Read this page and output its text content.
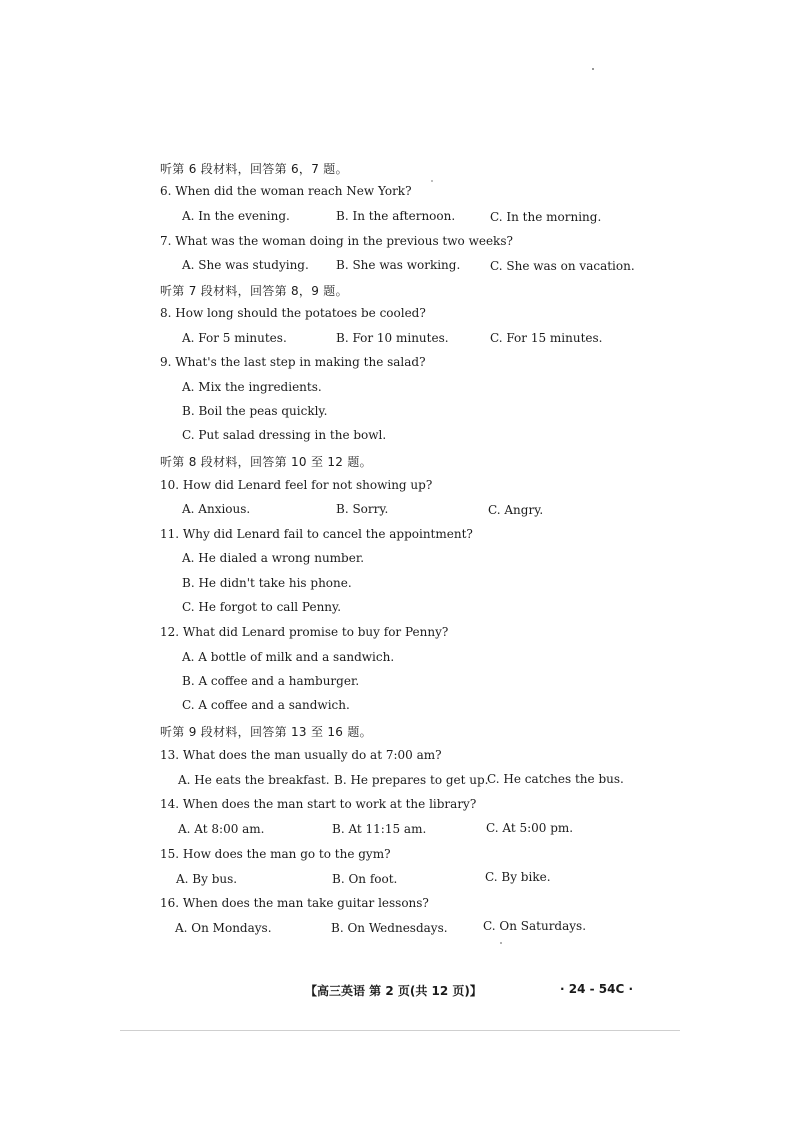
听第 6 段材料，回答第 6，7 题。
6. When did the woman reach New York?
A. In the evening.	B. In the afternoon.	C. In the morning.
7. What was the woman doing in the previous two weeks?
A. She was studying. B. She was working. C. She was on vacation.
听第 7 段材料，回答第 8，9 题。
8. How long should the potatoes be cooled?
A. For 5 minutes.	B. For 10 minutes.	C. For 15 minutes.
9. What's the last step in making the salad?
A. Mix the ingredients.
B. Boil the peas quickly.
C. Put salad dressing in the bowl.
听第 8 段材料，回答第 10 至 12 题。
10. How did Lenard feel for not showing up?
A. Anxious.	B. Sorry.	C. Angry.
11. Why did Lenard fail to cancel the appointment?
A. He dialed a wrong number.
B. He didn't take his phone.
C. He forgot to call Penny.
12. What did Lenard promise to buy for Penny?
A. A bottle of milk and a sandwich.
B. A coffee and a hamburger.
C. A coffee and a sandwich.
听第 9 段材料，回答第 13 至 16 题。
13. What does the man usually do at 7:00 am?
A. He eats the breakfast. B. He prepares to get up.
C. He catches the bus.
14. When does the man start to work at the library?
A. At 8:00 am.	B. At 11:15 am.	C. At 5:00 pm.
15. How does the man go to the gym?
A. By bus.	B. On foot.	C. By bike.
16. When does the man take guitar lessons?
A. On Mondays.	B. On Wednesdays.	C. On Saturdays.
【高三英语 第 2 页(共 12 页)】	· 24 - 54C ·
